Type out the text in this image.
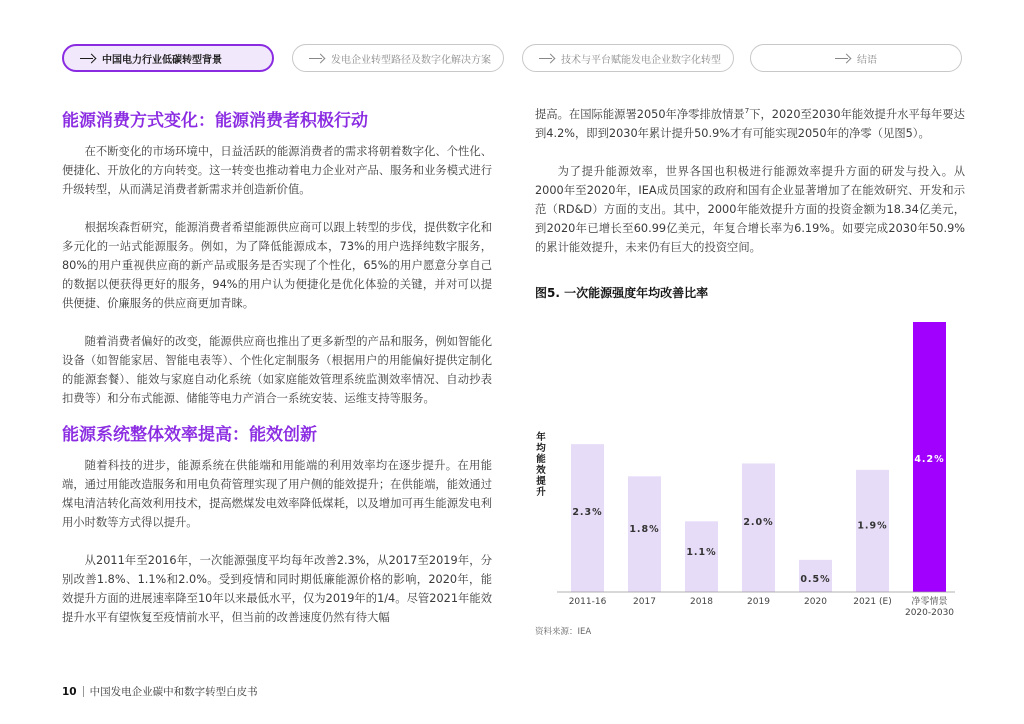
中国电力行业低碳转型背景	发电企业转型路径及数字化解决方案	技术与平台赋能发电企业数字化转型	结语
能源消费方式变化：能源消费者积极行动

在不断变化的市场环境中，日益活跃的能源消费者的需求将朝着数字化、个性化、便捷化、开放化的方向转变。这一转变也推动着电力企业对产品、服务和业务模式进行升级转型，从而满足消费者新需求并创造新价值。

根据埃森哲研究，能源消费者希望能源供应商可以跟上转型的步伐，提供数字化和多元化的一站式能源服务。例如，为了降低能源成本，73%的用户选择纯数字服务，80%的用户重视供应商的新产品或服务是否实现了个性化，65%的用户愿意分享自己的数据以便获得更好的服务，94%的用户认为便捷化是优化体验的关键，并对可以提供便捷、价廉服务的供应商更加青睐。

随着消费者偏好的改变，能源供应商也推出了更多新型的产品和服务，例如智能化设备（如智能家居、智能电表等）、个性化定制服务（根据用户的用能偏好提供定制化的能源套餐）、能效与家庭自动化系统（如家庭能效管理系统监测效率情况、自动抄表扣费等）和分布式能源、储能等电力产消合一系统安装、运维支持等服务。

能源系统整体效率提高：能效创新

随着科技的进步，能源系统在供能端和用能端的利用效率均在逐步提升。在用能端，通过用能改造服务和用电负荷管理实现了用户侧的能效提升；在供能端，能效通过煤电清洁转化高效利用技术，提高燃煤发电效率降低煤耗，以及增加可再生能源发电利用小时数等方式得以提升。

从2011年至2016年，一次能源强度平均每年改善2.3%，从2017至2019年，分别改善1.8%、1.1%和2.0%。受到疫情和同时期低廉能源价格的影响，2020年，能效提升方面的进展速率降至10年以来最低水平，仅为2019年的1/4。尽管2021年能效提升水平有望恢复至疫情前水平，但当前的改善速度仍然有待大幅

提高。在国际能源署2050年净零排放情景$^7$下，2020至2030年能效提升水平每年要达到4.2%，即到2030年累计提升50.9%才有可能实现2050年的净零（见图5）。

为了提升能源效率，世界各国也积极进行能源效率提升方面的研发与投入。从2000年至2020年，IEA成员国家的政府和国有企业显著增加了在能效研究、开发和示范（RD&D）方面的支出。其中，2000年能效提升方面的投资金额为18.34亿美元，到2020年已增长至60.99亿美元，年复合增长率为6.19%。如要完成2030年50.9%的累计能效提升，未来仍有巨大的投资空间。

图5. 一次能源强度年均改善比率
年均能效提升
2.3%
1.8%
1.1%
2.0%
0.5%
1.9%
4.2%
2011-16	2017	2018	2019	2020	2021 (E) 净零情景
2020-2030
资料来源：IEA
10 中国发电企业碳中和数字转型白皮书
